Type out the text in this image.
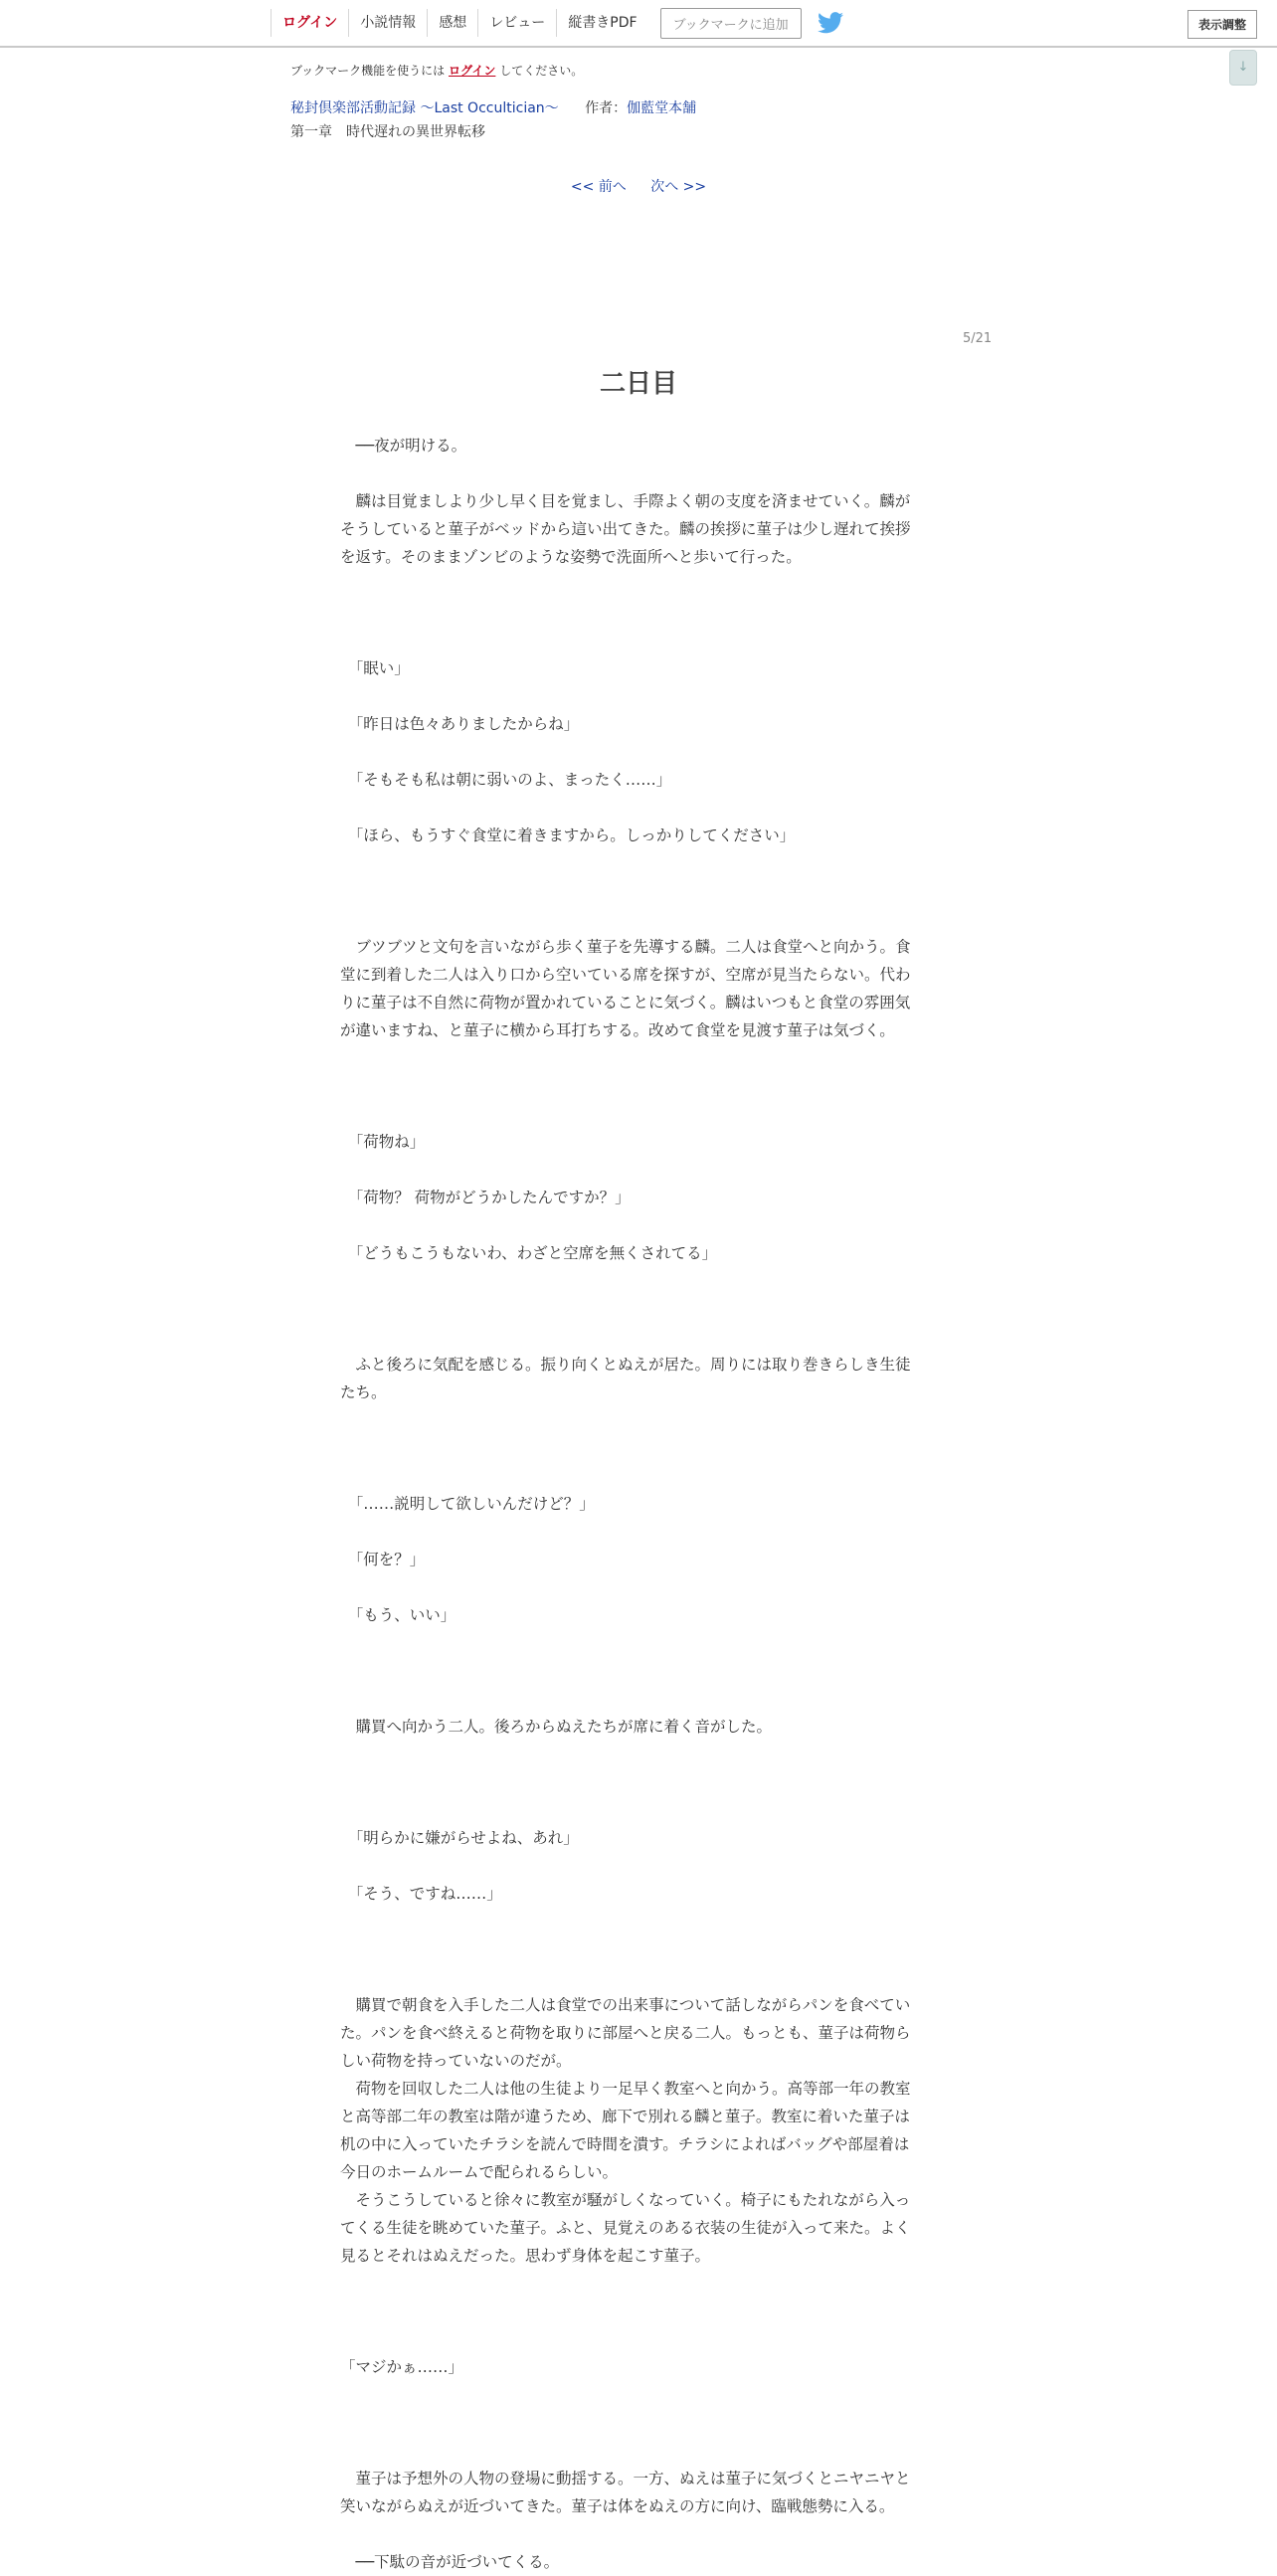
ログイン	小説情報	感想	レビュー	縦書きPDF	ブックマークに追加	表示調整
↓
ブックマーク機能を使うには ログイン してください。
秘封倶楽部活動記録 ～Last Occultician～ 作者：伽藍堂本舗
第一章　時代遅れの異世界転移
<< 前へ 次へ >>
5/21
二日目

　──夜が明ける。

　麟は目覚ましより少し早く目を覚まし、手際よく朝の支度を済ませていく。麟が

そうしていると菫子がベッドから這い出てきた。麟の挨拶に菫子は少し遅れて挨拶

を返す。そのままゾンビのような姿勢で洗面所へと歩いて行った。

　「眠い」

　「昨日は色々ありましたからね」

　「そもそも私は朝に弱いのよ、まったく……」

　「ほら、もうすぐ食堂に着きますから。しっかりしてください」

　ブツブツと文句を言いながら歩く菫子を先導する麟。二人は食堂へと向かう。食

堂に到着した二人は入り口から空いている席を探すが、空席が見当たらない。代わ

りに菫子は不自然に荷物が置かれていることに気づく。麟はいつもと食堂の雰囲気

が違いますね、と菫子に横から耳打ちする。改めて食堂を見渡す菫子は気づく。

　「荷物ね」

　「荷物？ 荷物がどうかしたんですか？」

　「どうもこうもないわ、わざと空席を無くされてる」

　ふと後ろに気配を感じる。振り向くとぬえが居た。周りには取り巻きらしき生徒

たち。

　「……説明して欲しいんだけど？」

　「何を？」

　「もう、いい」

　購買へ向かう二人。後ろからぬえたちが席に着く音がした。

　「明らかに嫌がらせよね、あれ」

　「そう、ですね……」

　購買で朝食を入手した二人は食堂での出来事について話しながらパンを食べてい

た。パンを食べ終えると荷物を取りに部屋へと戻る二人。もっとも、菫子は荷物ら

しい荷物を持っていないのだが。

　荷物を回収した二人は他の生徒より一足早く教室へと向かう。高等部一年の教室

と高等部二年の教室は階が違うため、廊下で別れる麟と菫子。教室に着いた菫子は

机の中に入っていたチラシを読んで時間を潰す。チラシによればバッグや部屋着は

今日のホームルームで配られるらしい。

　そうこうしていると徐々に教室が騒がしくなっていく。椅子にもたれながら入っ

てくる生徒を眺めていた菫子。ふと、見覚えのある衣装の生徒が入って来た。よく

見るとそれはぬえだった。思わず身体を起こす菫子。

「マジかぁ……」

　菫子は予想外の人物の登場に動揺する。一方、ぬえは菫子に気づくとニヤニヤと

笑いながらぬえが近づいてきた。菫子は体をぬえの方に向け、臨戦態勢に入る。

　──下駄の音が近づいてくる。
